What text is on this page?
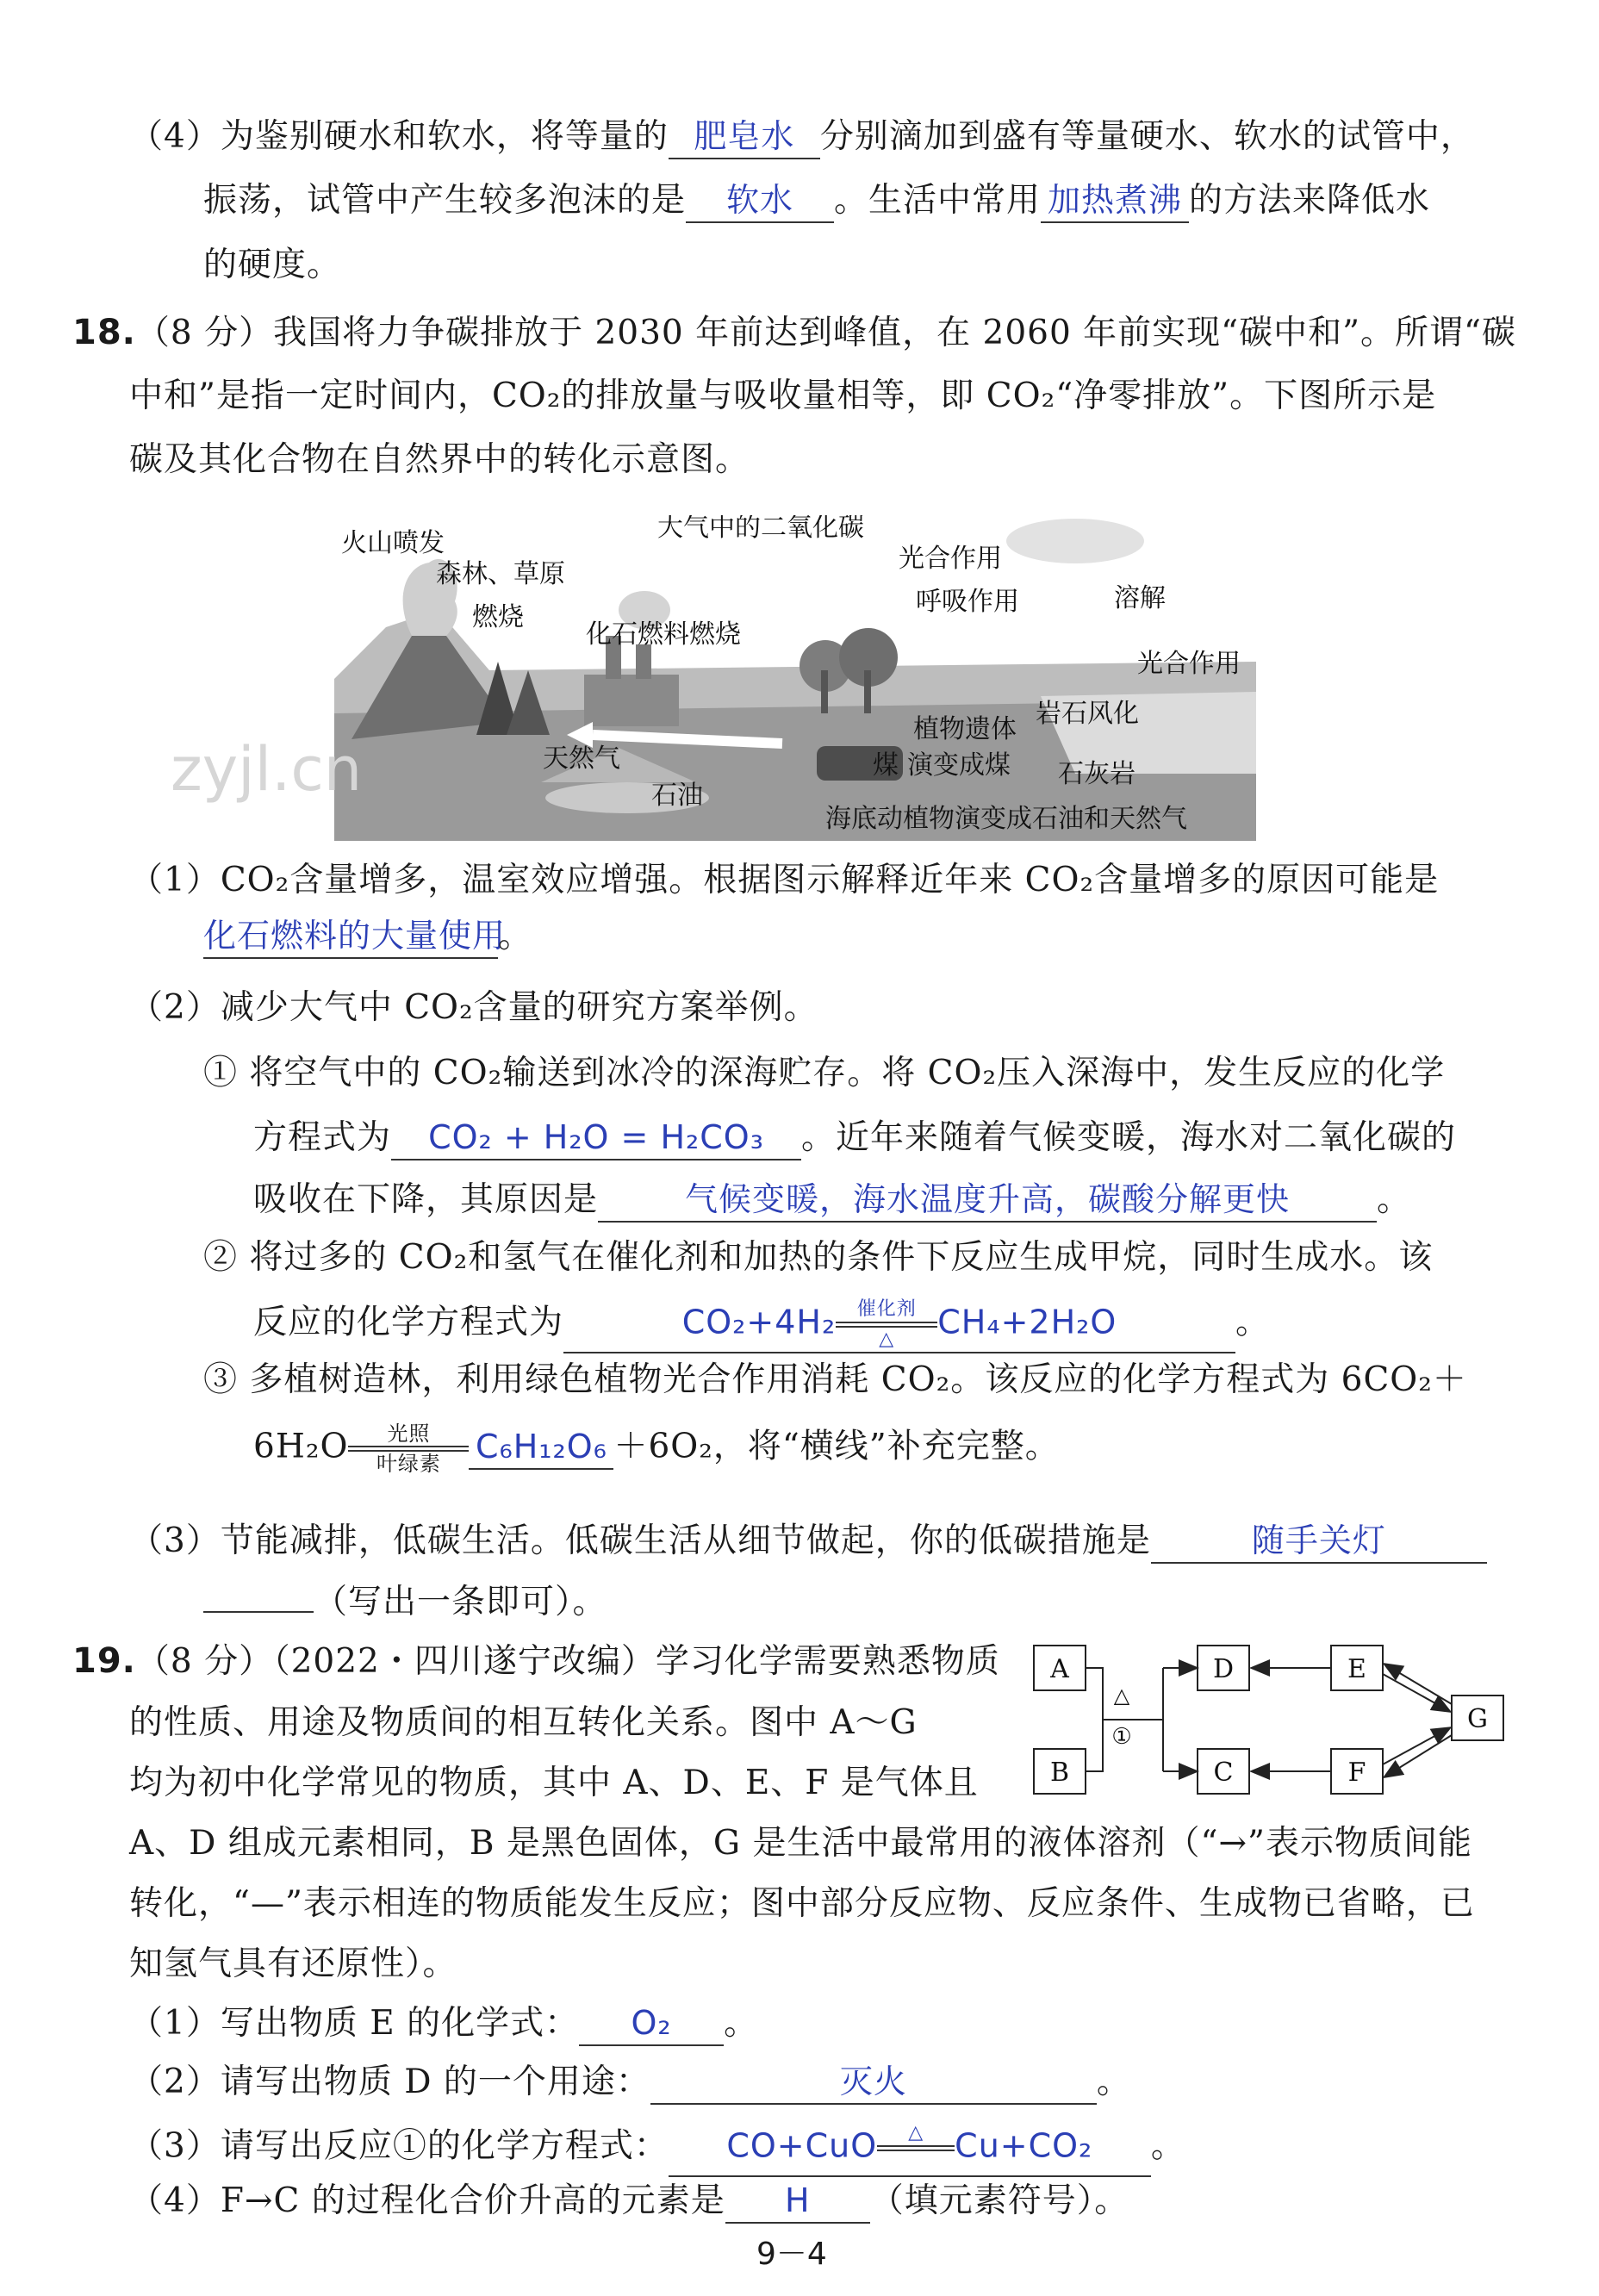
（4）为鉴别硬水和软水，将等量的 肥皂水 分别滴加到盛有等量硬水、软水的试管中，
振荡，试管中产生较多泡沫的是 软水 。生活中常用 加热煮沸 的方法来降低水
的硬度。
18.（8 分）我国将力争碳排放于 2030 年前达到峰值，在 2060 年前实现“碳中和”。所谓“碳
中和”是指一定时间内，CO₂的排放量与吸收量相等，即 CO₂“净零排放”。下图所示是
碳及其化合物在自然界中的转化示意图。
火山喷发
森林、草原
燃烧
大气中的二氧化碳
光合作用
呼吸作用
化石燃料燃烧
溶解
光合作用
岩石风化
植物遗体
煤 演变成煤
天然气
石油
石灰岩
海底动植物演变成石油和天然气
zyjl.cn
（1）CO₂含量增多，温室效应增强。根据图示解释近年来 CO₂含量增多的原因可能是
化石燃料的大量使用。
（2）减少大气中 CO₂含量的研究方案举例。
① 将空气中的 CO₂输送到冰冷的深海贮存。将 CO₂压入深海中，发生反应的化学
方程式为 CO₂ + H₂O = H₂CO₃ 。近年来随着气候变暖，海水对二氧化碳的
吸收在下降，其原因是	气候变暖，海水温度升高，碳酸分解更快	。
② 将过多的 CO₂和氢气在催化剂和加热的条件下反应生成甲烷，同时生成水。该
反应的化学方程式为	CO₂+4H₂	催化剂
△	CH₄+2H₂O	。
③ 多植树造林，利用绿色植物光合作用消耗 CO₂。该反应的化学方程式为 6CO₂＋
6H₂O	光照
叶绿素	C₆H₁₂O₆ ＋6O₂，将“横线”补充完整。
（3）节能减排，低碳生活。低碳生活从细节做起，你的低碳措施是	随手关灯
（写出一条即可）。
19.（8 分）（2022・四川遂宁改编）学习化学需要熟悉物质
的性质、用途及物质间的相互转化关系。图中 A～G
均为初中化学常见的物质，其中 A、D、E、F 是气体且
A、D 组成元素相同，B 是黑色固体，G 是生活中最常用的液体溶剂（“→”表示物质间能
转化，“—”表示相连的物质能发生反应；图中部分反应物、反应条件、生成物已省略，已
知氢气具有还原性）。
A
B
D
C
E
F
G
△
①
（1）写出物质 E 的化学式： O₂ 。
（2）请写出物质 D 的一个用途：	灭火	。
（3）请写出反应①的化学方程式： CO+CuO	△
Cu+CO₂ 。
（4）F→C 的过程化合价升高的元素是 H （填元素符号）。
9－4
